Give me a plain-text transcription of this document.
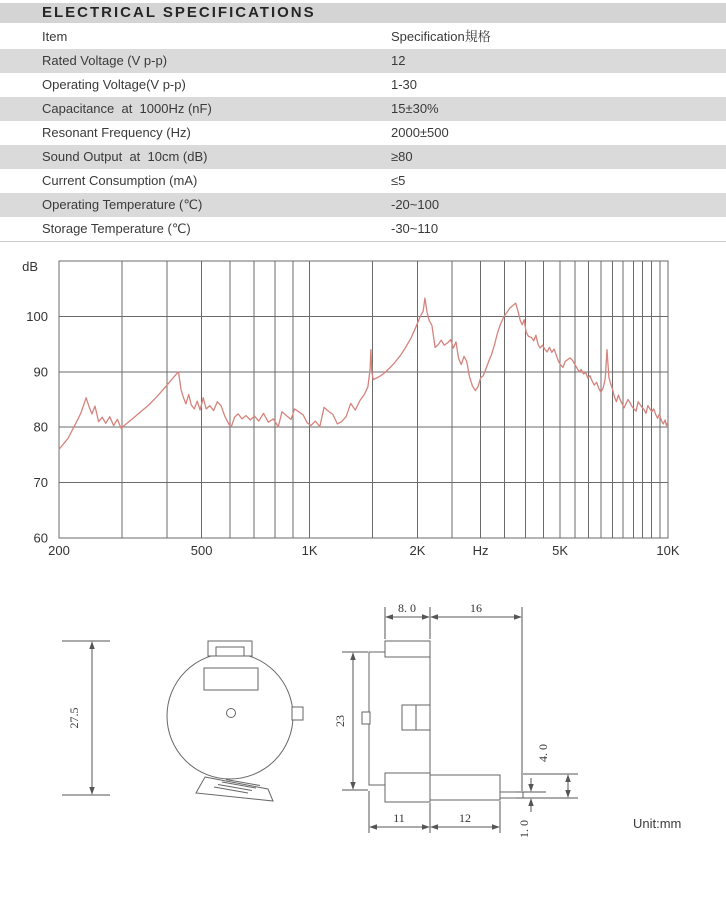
ELECTRICAL SPECIFICATIONS
Item	Specification規格
Rated Voltage (V p-p)	12
Operating Voltage(V p-p)	1-30
Capacitance  at  1000Hz (nF)	15±30%
Resonant Frequency (Hz)	2000±500
Sound Output  at  10cm (dB)	≥80
Current Consumption (mA)	≤5
Operating Temperature (℃)	-20~100
Storage Temperature (℃)	-30~110
dB
200	500	1K	2K	Hz	5K	10K
100
90
80
70
60
27.5
8. 0	16
23
4. 0
1. 0
11	12	Unit:mm
